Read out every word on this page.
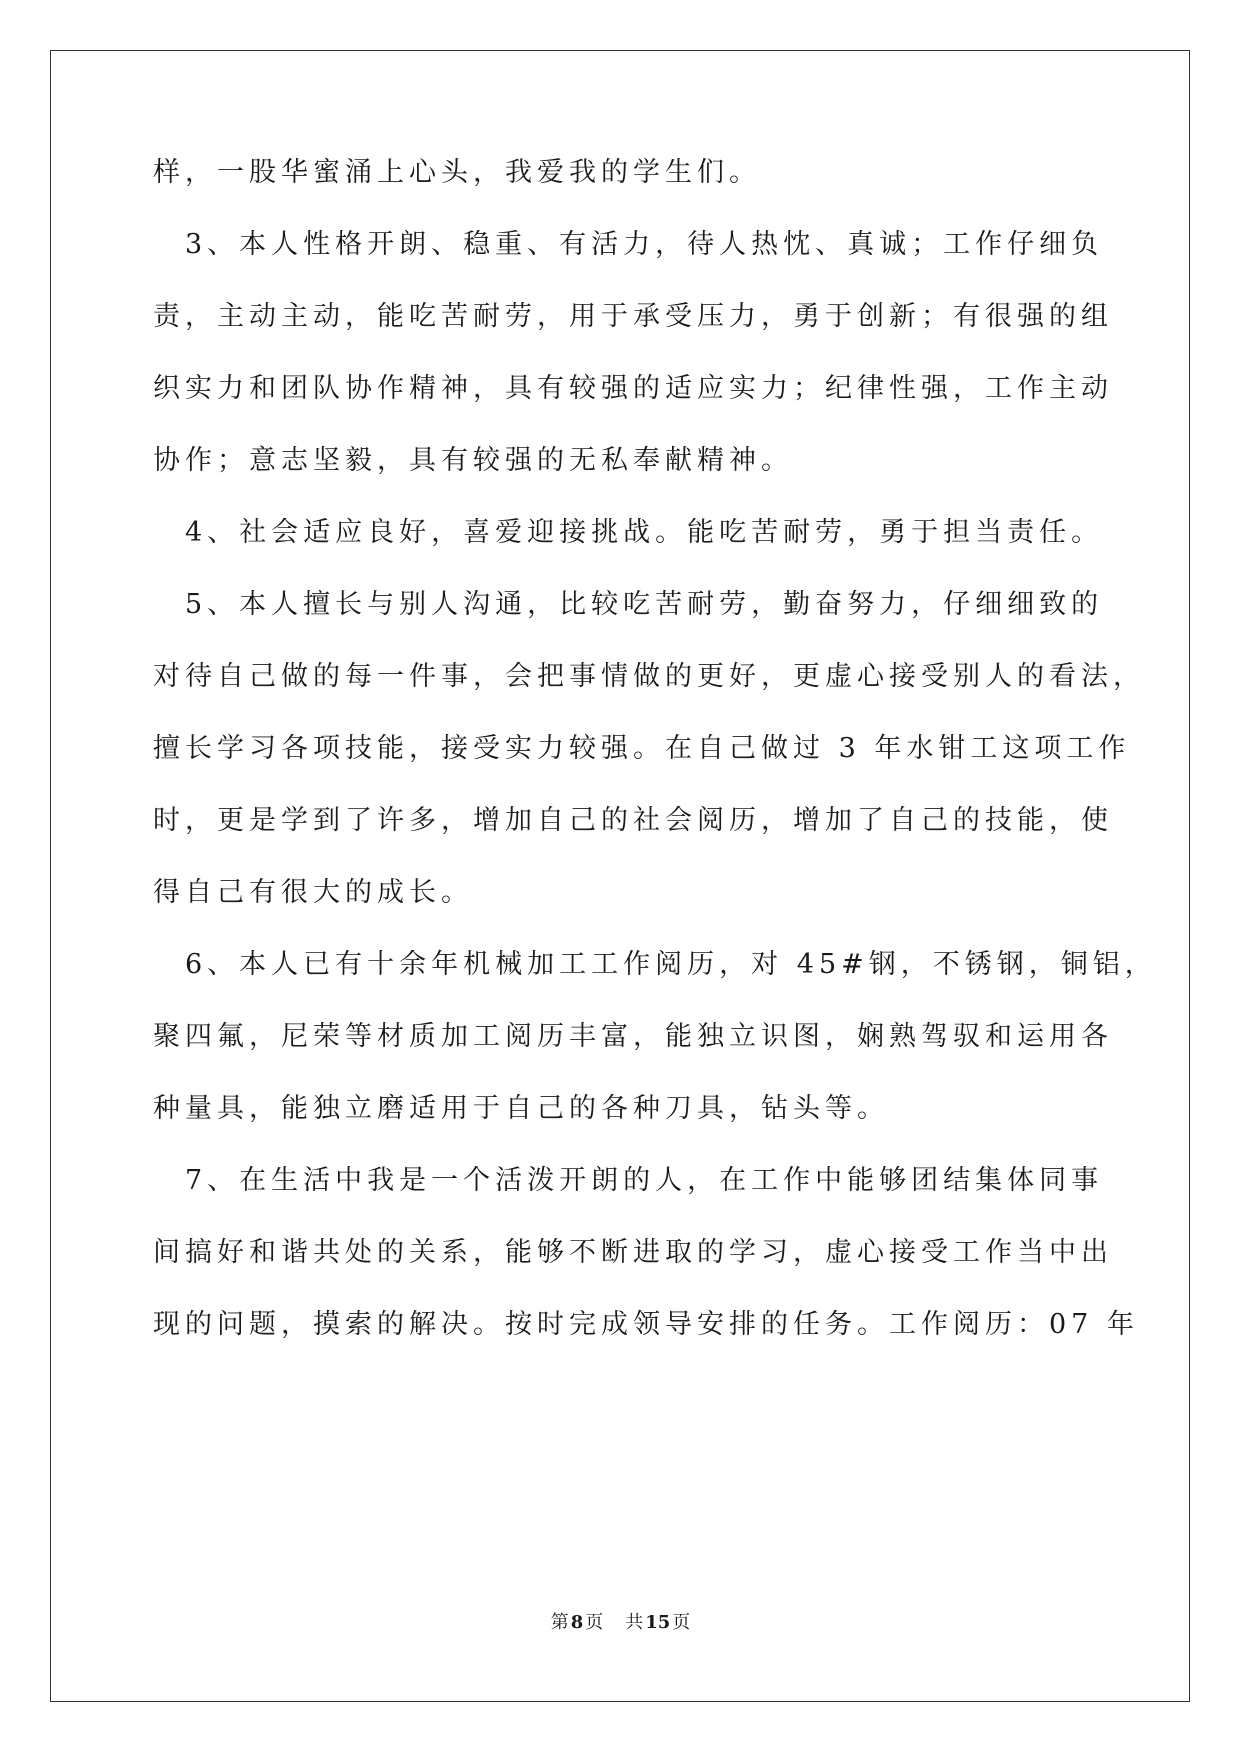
样，一股华蜜涌上心头，我爱我的学生们。
　3、本人性格开朗、稳重、有活力，待人热忱、真诚；工作仔细负
责，主动主动，能吃苦耐劳，用于承受压力，勇于创新；有很强的组
织实力和团队协作精神，具有较强的适应实力；纪律性强，工作主动
协作；意志坚毅，具有较强的无私奉献精神。
　4、社会适应良好，喜爱迎接挑战。能吃苦耐劳，勇于担当责任。
　5、本人擅长与别人沟通，比较吃苦耐劳，勤奋努力，仔细细致的
对待自己做的每一件事，会把事情做的更好，更虚心接受别人的看法，
擅长学习各项技能，接受实力较强。在自己做过 3 年水钳工这项工作
时，更是学到了许多，增加自己的社会阅历，增加了自己的技能，使
得自己有很大的成长。
　6、本人已有十余年机械加工工作阅历，对 45#钢，不锈钢，铜铝，
聚四氟，尼荣等材质加工阅历丰富，能独立识图，娴熟驾驭和运用各
种量具，能独立磨适用于自己的各种刀具，钻头等。
　7、在生活中我是一个活泼开朗的人，在工作中能够团结集体同事
间搞好和谐共处的关系，能够不断进取的学习，虚心接受工作当中出
现的问题，摸索的解决。按时完成领导安排的任务。工作阅历：07 年
第 8 页 共 15 页
